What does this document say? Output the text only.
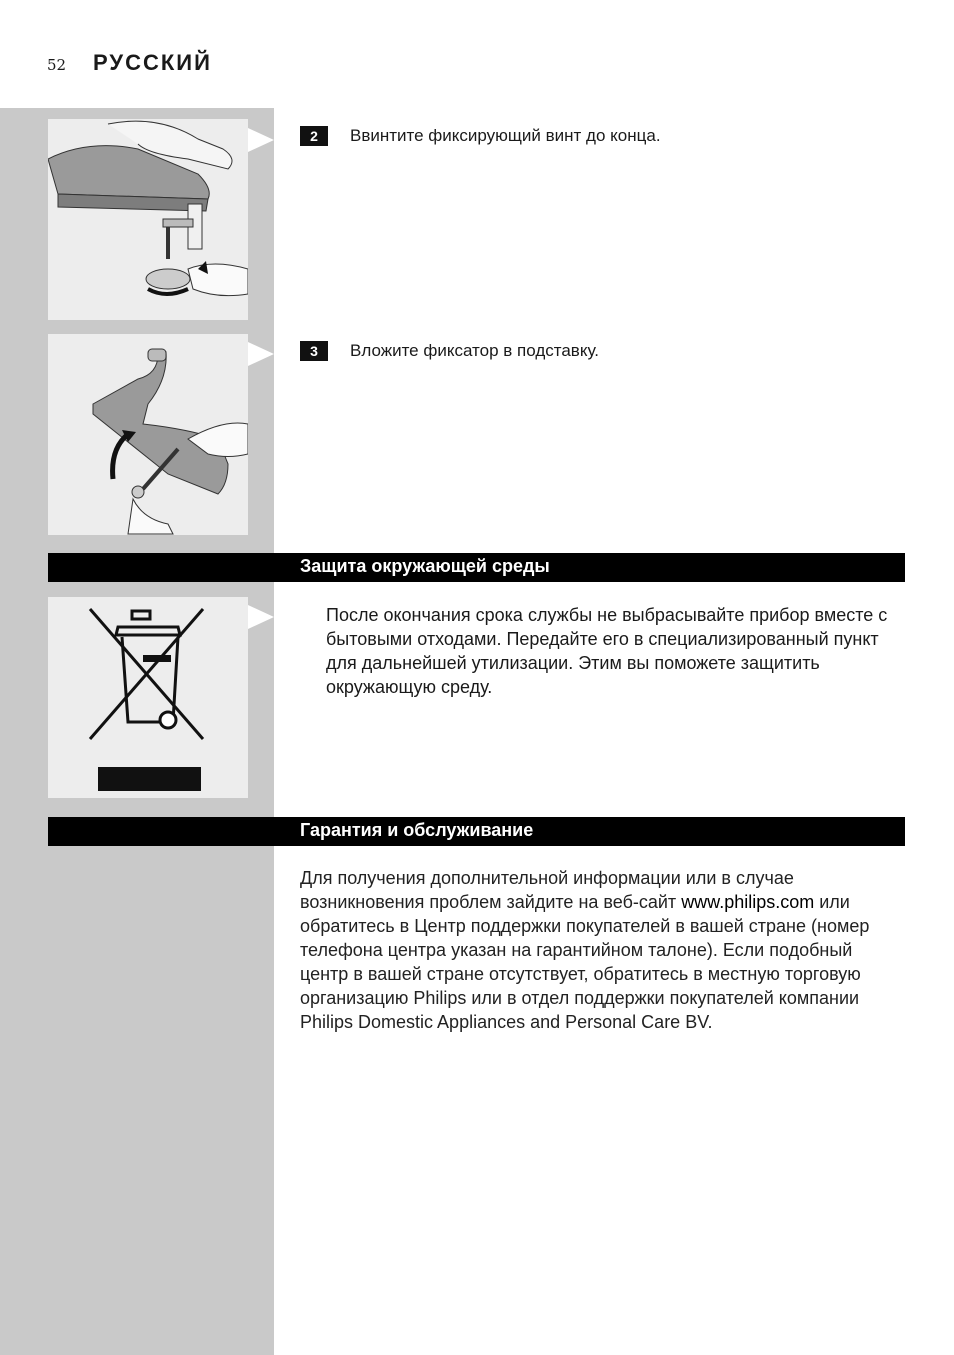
52 РУССКИЙ
2	Ввинтите фиксирующий винт до конца.
3	Вложите фиксатор в подставку.
Защита окружающей среды
После окончания срока службы не выбрасывайте прибор вместе с бытовыми отходами. Передайте его в специализированный пункт для дальнейшей утилизации. Этим вы поможете защитить окружающую среду.
Гарантия и обслуживание
Для получения дополнительной информации или в случае возникновения проблем зайдите на веб-сайт www.philips.com или обратитесь в Центр поддержки покупателей в вашей стране (номер телефона центра указан на гарантийном талоне). Если подобный центр в вашей стране отсутствует, обратитесь в местную торговую организацию Philips или в отдел поддержки покупателей компании Philips Domestic Appliances and Personal Care BV.
